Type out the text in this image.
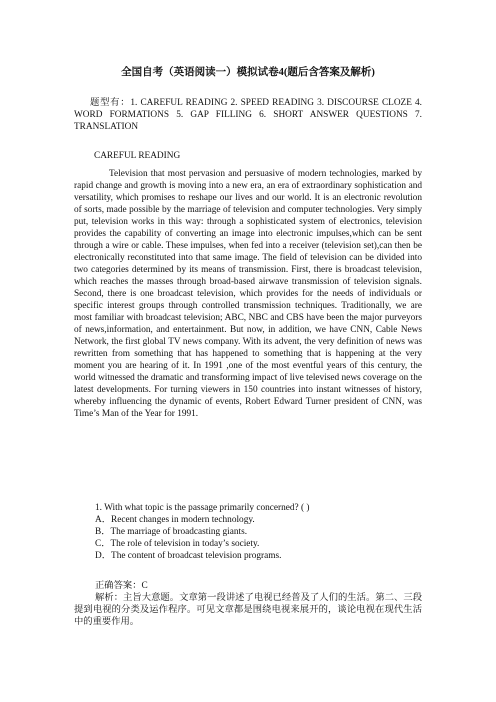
全国自考（英语阅读一）模拟试卷4(题后含答案及解析)

题型有：1. CAREFUL READING 2. SPEED READING 3. DISCOURSE CLOZE 4. WORD FORMATIONS 5. GAP FILLING 6. SHORT ANSWER QUESTIONS 7. TRANSLATION

CAREFUL READING

Television that most pervasion and persuasive of modern technologies, marked by rapid change and growth is moving into a new era, an era of extraordinary sophistication and versatility, which promises to reshape our lives and our world. It is an electronic revolution of sorts, made possible by the marriage of television and computer technologies. Very simply put, television works in this way: through a sophisticated system of electronics, television provides the capability of converting an image into electronic impulses,which can be sent through a wire or cable. These impulses, when fed into a receiver (television set),can then be electronically reconstituted into that same image. The field of television can be divided into two categories determined by its means of transmission. First, there is broadcast television, which reaches the masses through broad-based airwave transmission of television signals. Second, there is one broadcast television, which provides for the needs of individuals or specific interest groups through controlled transmission techniques. Traditionally, we are most familiar with broadcast television; ABC, NBC and CBS have been the major purveyors of news,information, and entertainment. But now, in addition, we have CNN, Cable News Network, the first global TV news company. With its advent, the very definition of news was rewritten from something that has happened to something that is happening at the very moment you are hearing of it. In 1991 ,one of the most eventful years of this century, the world witnessed the dramatic and transforming impact of live televised news coverage on the latest developments. For turning viewers in 150 countries into instant witnesses of history, whereby influencing the dynamic of events, Robert Edward Turner president of CNN, was Time’s Man of the Year for 1991.

1. With what topic is the passage primarily concerned? ( )
A．Recent changes in modern technology.
B．The marriage of broadcasting giants.
C．The role of television in today’s society.
D．The content of broadcast television programs.
正确答案：C
解析：主旨大意题。文章第一段讲述了电视已经普及了人们的生活。第二、三段提到电视的分类及运作程序。可见文章都是围绕电视来展开的，谈论电视在现代生活中的重要作用。
